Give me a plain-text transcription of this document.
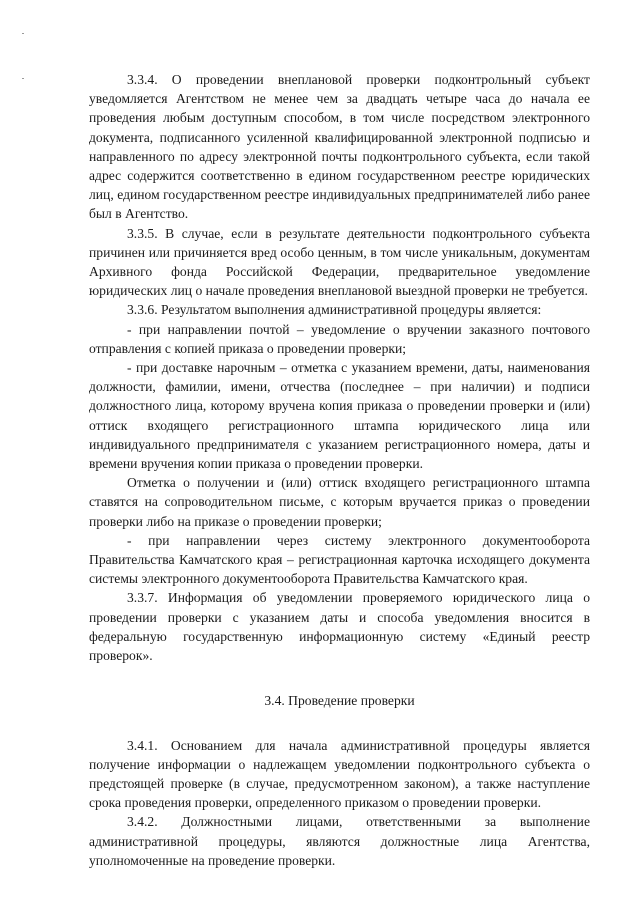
3.3.4. О проведении внеплановой проверки подконтрольный субъект уведомляется Агентством не менее чем за двадцать четыре часа до начала ее проведения любым доступным способом, в том числе посредством электронного документа, подписанного усиленной квалифицированной электронной подписью и направленного по адресу электронной почты подконтрольного субъекта, если такой адрес содержится соответственно в едином государственном реестре юридических лиц, едином государственном реестре индивидуальных предпринимателей либо ранее был в Агентство.

3.3.5. В случае, если в результате деятельности подконтрольного субъекта причинен или причиняется вред особо ценным, в том числе уникальным, документам Архивного фонда Российской Федерации, предварительное уведомление юридических лиц о начале проведения внеплановой выездной проверки не требуется.

3.3.6. Результатом выполнения административной процедуры является:

- при направлении почтой – уведомление о вручении заказного почтового отправления с копией приказа о проведении проверки;

- при доставке нарочным – отметка с указанием времени, даты, наименования должности, фамилии, имени, отчества (последнее – при наличии) и подписи должностного лица, которому вручена копия приказа о проведении проверки и (или) оттиск входящего регистрационного штампа юридического лица или индивидуального предпринимателя с указанием регистрационного номера, даты и времени вручения копии приказа о проведении проверки.

Отметка о получении и (или) оттиск входящего регистрационного штампа ставятся на сопроводительном письме, с которым вручается приказ о проведении проверки либо на приказе о проведении проверки;

- при направлении через систему электронного документооборота Правительства Камчатского края – регистрационная карточка исходящего документа системы электронного документооборота Правительства Камчатского края.

3.3.7. Информация об уведомлении проверяемого юридического лица о проведении проверки с указанием даты и способа уведомления вносится в федеральную государственную информационную систему «Единый реестр проверок».

3.4. Проведение проверки

3.4.1. Основанием для начала административной процедуры является получение информации о надлежащем уведомлении подконтрольного субъекта о предстоящей проверке (в случае, предусмотренном законом), а также наступление срока проведения проверки, определенного приказом о проведении проверки.

3.4.2. Должностными лицами, ответственными за выполнение административной процедуры, являются должностные лица Агентства, уполномоченные на проведение проверки.
